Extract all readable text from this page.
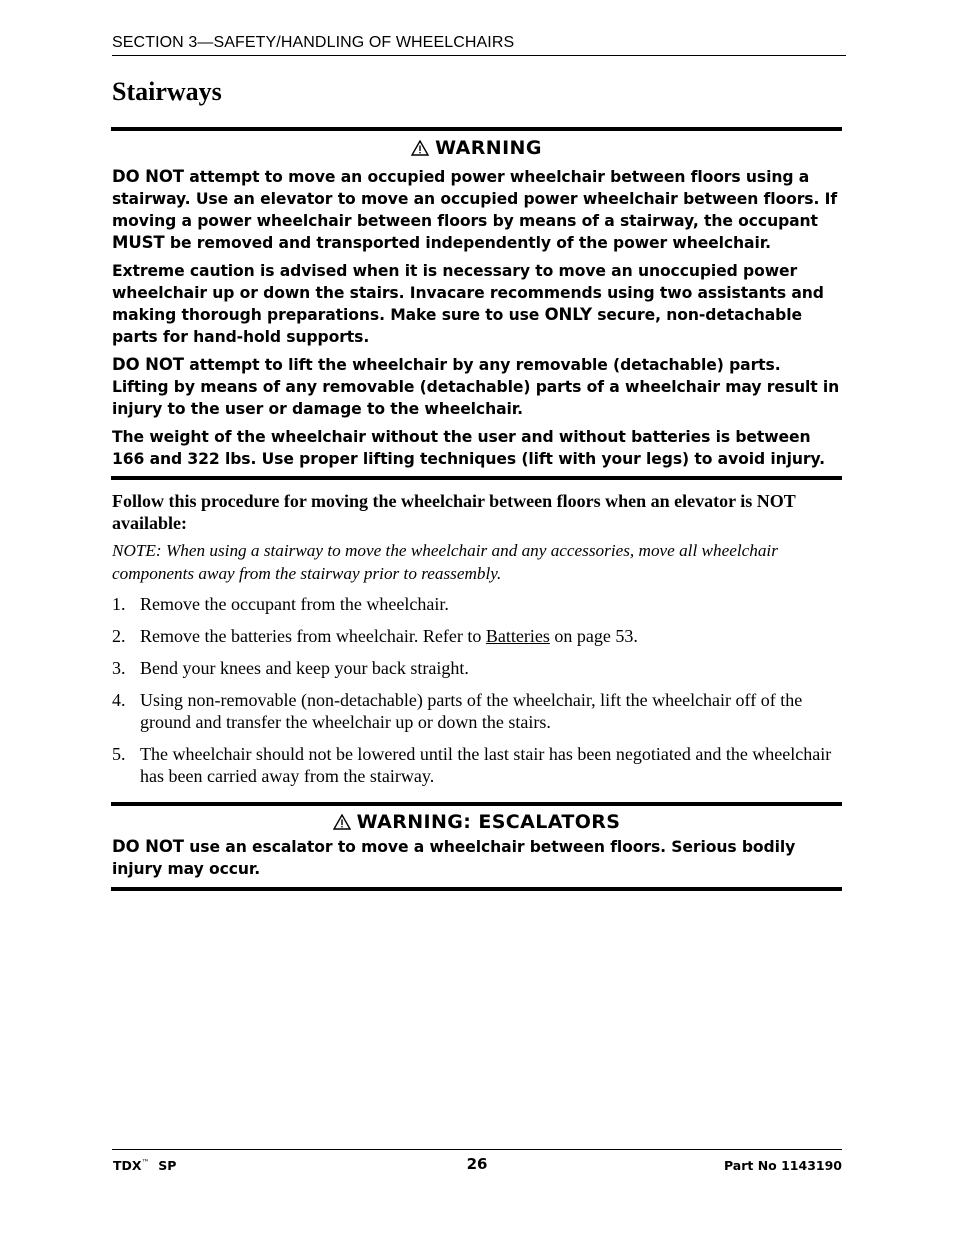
SECTION 3—SAFETY/HANDLING OF WHEELCHAIRS
Stairways
WARNING

DO NOT attempt to move an occupied power wheelchair between floors using a stairway. Use an elevator to move an occupied power wheelchair between floors. If moving a power wheelchair between floors by means of a stairway, the occupant MUST be removed and transported independently of the power wheelchair.

Extreme caution is advised when it is necessary to move an unoccupied power wheelchair up or down the stairs. Invacare recommends using two assistants and making thorough preparations. Make sure to use ONLY secure, non-detachable parts for hand-hold supports.

DO NOT attempt to lift the wheelchair by any removable (detachable) parts. Lifting by means of any removable (detachable) parts of a wheelchair may result in injury to the user or damage to the wheelchair.

The weight of the wheelchair without the user and without batteries is between 166 and 322 lbs. Use proper lifting techniques (lift with your legs) to avoid injury.

Follow this procedure for moving the wheelchair between floors when an elevator is NOT available:

NOTE: When using a stairway to move the wheelchair and any accessories, move all wheelchair components away from the stairway prior to reassembly.

1. Remove the occupant from the wheelchair.
2. Remove the batteries from wheelchair. Refer to Batteries on page 53.
3. Bend your knees and keep your back straight.
4. Using non-removable (non-detachable) parts of the wheelchair, lift the wheelchair off of the ground and transfer the wheelchair up or down the stairs.
5. The wheelchair should not be lowered until the last stair has been negotiated and the wheelchair has been carried away from the stairway.
WARNING: ESCALATORS

DO NOT use an escalator to move a wheelchair between floors. Serious bodily injury may occur.

TDX™ SP	26	Part No 1143190
